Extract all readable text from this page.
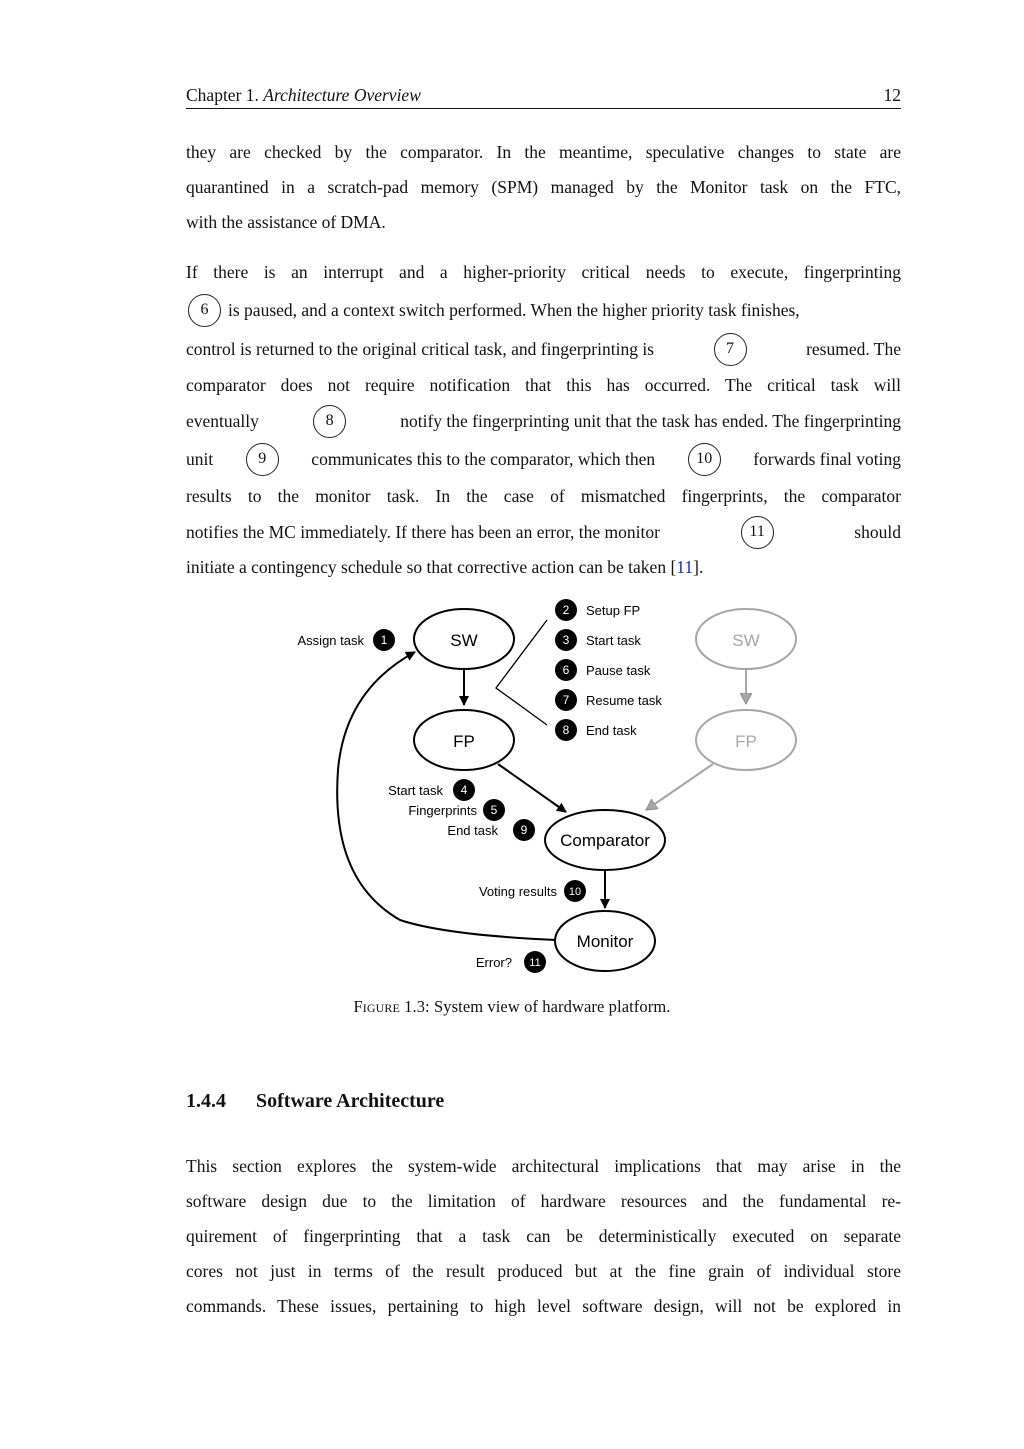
Chapter 1. Architecture Overview	12
they are checked by the comparator. In the meantime, speculative changes to state are
quarantined in a scratch-pad memory (SPM) managed by the Monitor task on the FTC,
with the assistance of DMA.
If there is an interrupt and a higher-priority critical needs to execute, fingerprinting
6	is paused, and a context switch performed. When the higher priority task finishes,
control is returned to the original critical task, and fingerprinting is	7	resumed. The
comparator does not require notification that this has occurred. The critical task will
eventually	8	notify the fingerprinting unit that the task has ended. The fingerprinting
unit	9	communicates this to the comparator, which then	10	forwards final voting
results to the monitor task. In the case of mismatched fingerprints, the comparator
notifies the MC immediately. If there has been an error, the monitor	11	should
initiate a contingency schedule so that corrective action can be taken [11].
SW
FP
Comparator
Monitor
SW
FP
1
2
3
6
7
8
4
5
9
10
11
Assign task
Setup FP
Start task
Pause task
Resume task
End task
Start task
Fingerprints
End task
Voting results
Error?
Figure 1.3: System view of hardware platform.
1.4.4 Software Architecture
This section explores the system-wide architectural implications that may arise in the
software design due to the limitation of hardware resources and the fundamental re-
quirement of fingerprinting that a task can be deterministically executed on separate
cores not just in terms of the result produced but at the fine grain of individual store
commands. These issues, pertaining to high level software design, will not be explored in
